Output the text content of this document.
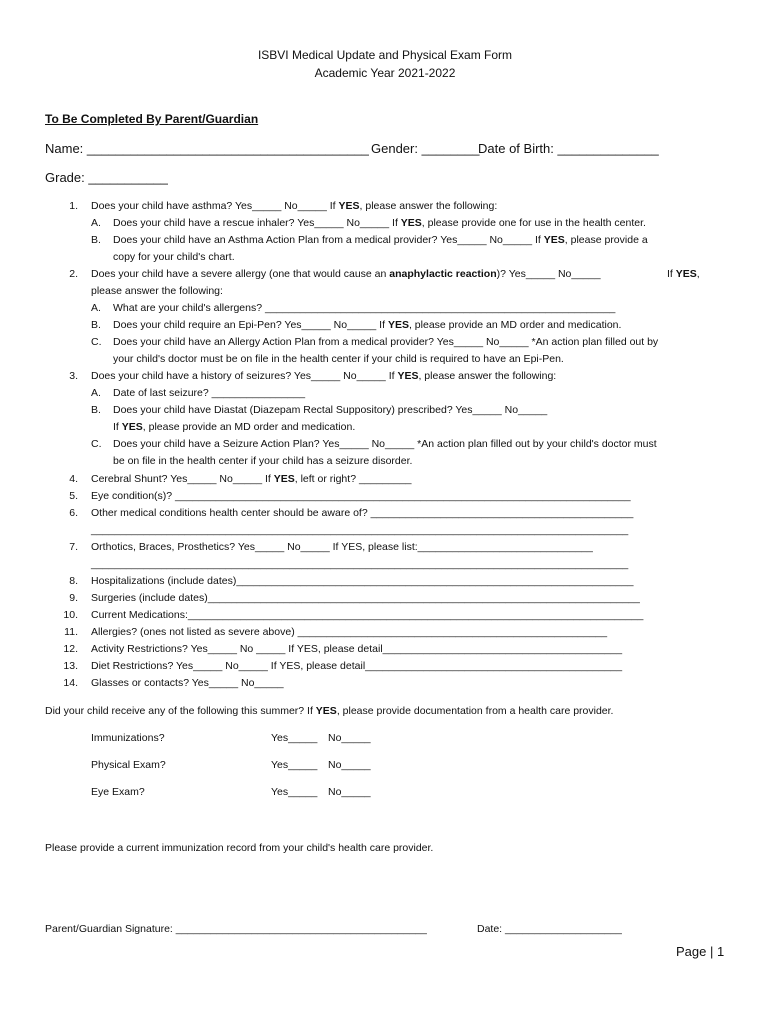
ISBVI Medical Update and Physical Exam Form
Academic Year 2021-2022
To Be Completed By Parent/Guardian
Name: _______________________________________ Gender: ________
Date of Birth: ______________
Grade: ___________
1. Does your child have asthma? Yes_____ No_____ If YES, please answer the following:
A.	Does your child have a rescue inhaler? Yes_____ No_____ If YES, please provide one for use in the health center.
B.	Does your child have an Asthma Action Plan from a medical provider? Yes_____ No_____ If YES, please provide a
copy for your child's chart.
2. Does your child have a severe allergy (one that would cause an anaphylactic reaction)? Yes_____ No_____	If YES,
please answer the following:
A.	What are your child's allergens? ____________________________________________________________
B.	Does your child require an Epi-Pen? Yes_____ No_____ If YES, please provide an MD order and medication.
C.	Does your child have an Allergy Action Plan from a medical provider? Yes_____ No_____ *An action plan filled out by
your child's doctor must be on file in the health center if your child is required to have an Epi-Pen.
3. Does your child have a history of seizures? Yes_____ No_____ If YES, please answer the following:
A.	Date of last seizure? ________________
B.	Does your child have Diastat (Diazepam Rectal Suppository) prescribed? Yes_____ No_____
If YES, please provide an MD order and medication.
C.	Does your child have a Seizure Action Plan? Yes_____ No_____ *An action plan filled out by your child's doctor must
be on file in the health center if your child has a seizure disorder.
4. Cerebral Shunt? Yes_____ No_____ If YES, left or right? _________
5. Eye condition(s)? ______________________________________________________________________________
6. Other medical conditions health center should be aware of? _____________________________________________
____________________________________________________________________________________________
7. Orthotics, Braces, Prosthetics? Yes_____ No_____ If YES, please list:______________________________
____________________________________________________________________________________________
8. Hospitalizations (include dates)____________________________________________________________________
9. Surgeries (include dates)__________________________________________________________________________
10. Current Medications:______________________________________________________________________________
11. Allergies? (ones not listed as severe above) _____________________________________________________
12. Activity Restrictions? Yes_____ No _____ If YES, please detail_________________________________________
13. Diet Restrictions? Yes_____ No_____ If YES, please detail____________________________________________
14. Glasses or contacts? Yes_____ No_____
Did your child receive any of the following this summer? If YES, please provide documentation from a health care provider.
Immunizations?	Yes_____ No_____
Physical Exam?	Yes_____ No_____
Eye Exam?	Yes_____ No_____
Please provide a current immunization record from your child's health care provider.
Parent/Guardian Signature: ___________________________________________	Date: ____________________
Page | 1
